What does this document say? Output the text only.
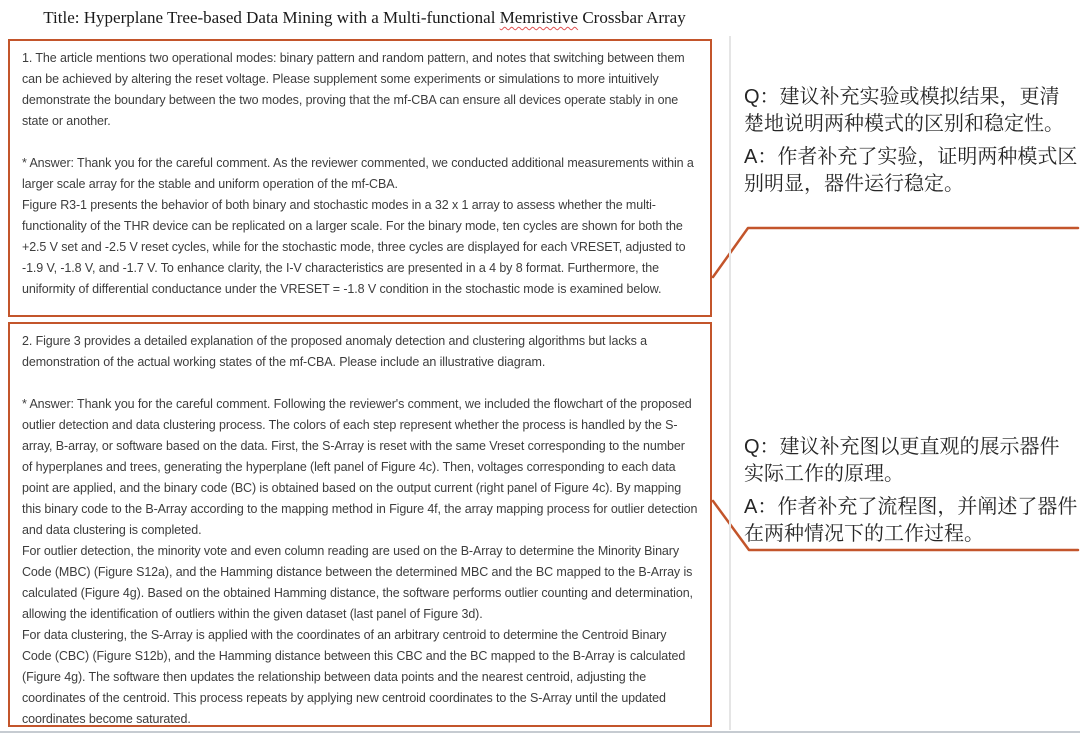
Title: Hyperplane Tree-based Data Mining with a Multi-functional Memristive Crossbar Array

1. The article mentions two operational modes: binary pattern and random pattern, and notes that switching between them can be achieved by altering the reset voltage. Please supplement some experiments or simulations to more intuitively demonstrate the boundary between the two modes, proving that the mf-CBA can ensure all devices operate stably in one state or another.

* Answer: Thank you for the careful comment. As the reviewer commented, we conducted additional measurements within a larger scale array for the stable and uniform operation of the mf-CBA.

Figure R3-1 presents the behavior of both binary and stochastic modes in a 32 x 1 array to assess whether the multi-functionality of the THR device can be replicated on a larger scale. For the binary mode, ten cycles are shown for both the +2.5 V set and -2.5 V reset cycles, while for the stochastic mode, three cycles are displayed for each VRESET, adjusted to -1.9 V, -1.8 V, and -1.7 V. To enhance clarity, the I-V characteristics are presented in a 4 by 8 format. Furthermore, the uniformity of differential conductance under the VRESET = -1.8 V condition in the stochastic mode is examined below.

2. Figure 3 provides a detailed explanation of the proposed anomaly detection and clustering algorithms but lacks a demonstration of the actual working states of the mf-CBA. Please include an illustrative diagram.

* Answer: Thank you for the careful comment. Following the reviewer's comment, we included the flowchart of the proposed outlier detection and data clustering process. The colors of each step represent whether the process is handled by the S-array, B-array, or software based on the data. First, the S-Array is reset with the same Vreset corresponding to the number of hyperplanes and trees, generating the hyperplane (left panel of Figure 4c). Then, voltages corresponding to each data point are applied, and the binary code (BC) is obtained based on the output current (right panel of Figure 4c). By mapping this binary code to the B-Array according to the mapping method in Figure 4f, the array mapping process for outlier detection and data clustering is completed.

For outlier detection, the minority vote and even column reading are used on the B-Array to determine the Minority Binary Code (MBC) (Figure S12a), and the Hamming distance between the determined MBC and the BC mapped to the B-Array is calculated (Figure 4g). Based on the obtained Hamming distance, the software performs outlier counting and determination, allowing the identification of outliers within the given dataset (last panel of Figure 3d).

For data clustering, the S-Array is applied with the coordinates of an arbitrary centroid to determine the Centroid Binary Code (CBC) (Figure S12b), and the Hamming distance between this CBC and the BC mapped to the B-Array is calculated (Figure 4g). The software then updates the relationship between data points and the nearest centroid, adjusting the coordinates of the centroid. This process repeats by applying new centroid coordinates to the S-Array until the updated coordinates become saturated.

Q：建议补充实验或模拟结果，更清楚地说明两种模式的区别和稳定性。

A：作者补充了实验，证明两种模式区别明显，器件运行稳定。

Q：建议补充图以更直观的展示器件实际工作的原理。

A：作者补充了流程图，并阐述了器件在两种情况下的工作过程。
